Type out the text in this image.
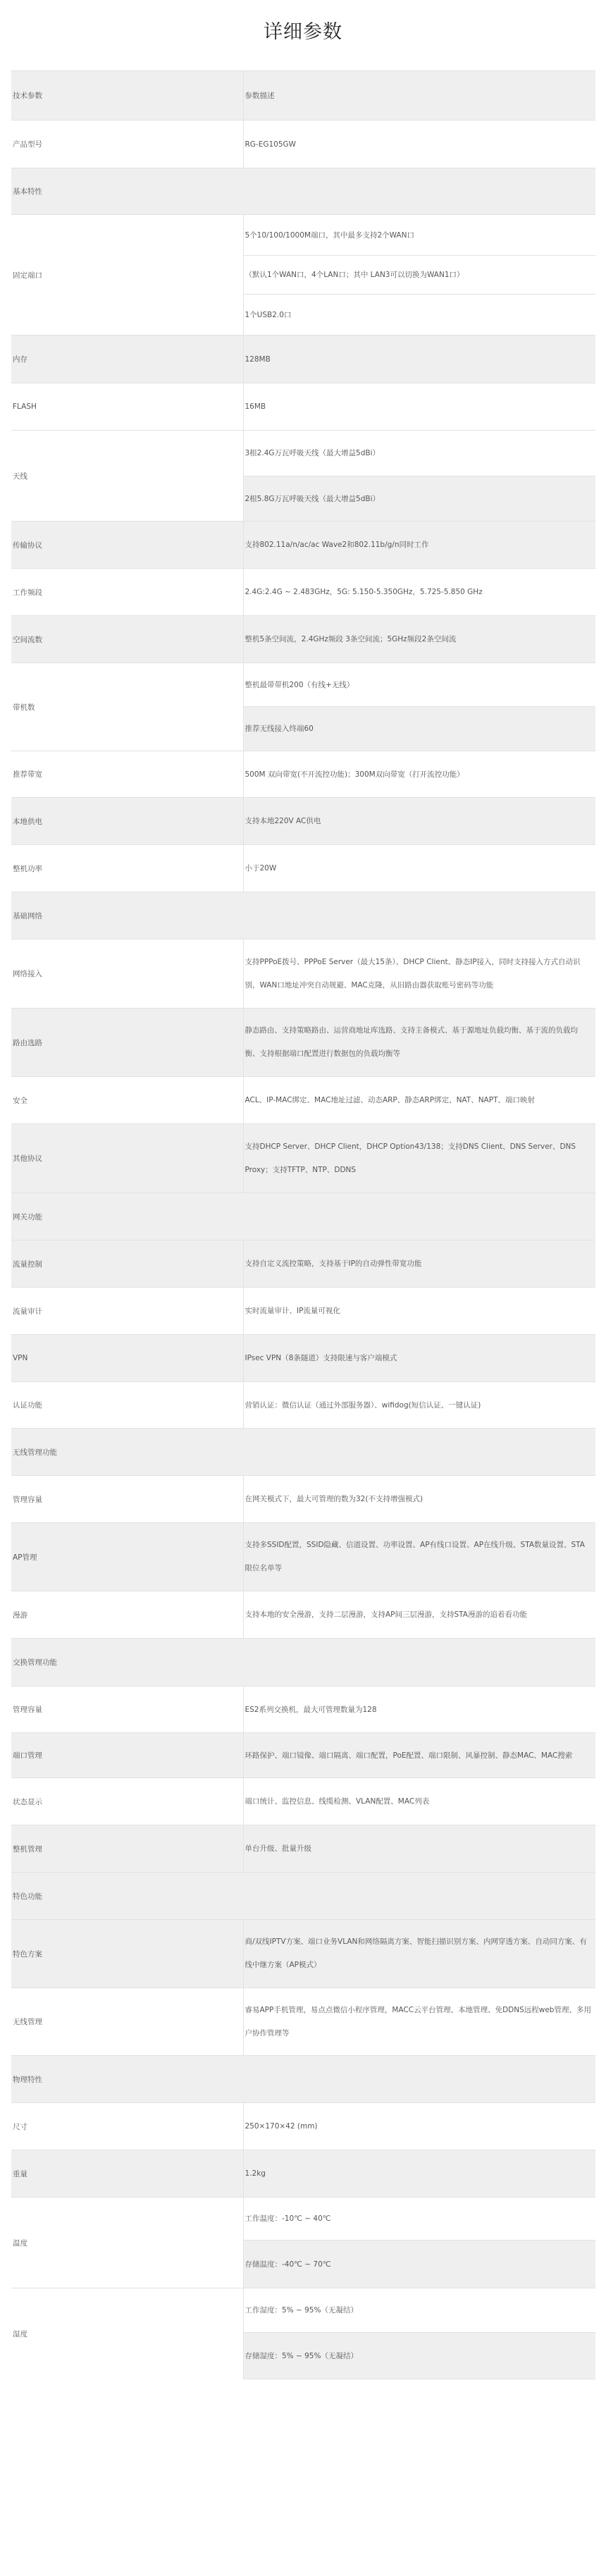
详细参数
技术参数	参数描述
产品型号	RG-EG105GW
基本特性	
固定端口	5个10/100/1000M端口，其中最多支持2个WAN口
	（默认1个WAN口，4个LAN口；其中 LAN3可以切换为WAN1口）
	1个USB2.0口
内存	128MB
FLASH	16MB
天线	3根2.4G万瓦呼吸天线（最大增益5dBi）
	2根5.8G万瓦呼吸天线（最大增益5dBi）
传输协议	支持802.11a/n/ac/ac Wave2和802.11b/g/n同时工作
工作频段	2.4G:2.4G ~ 2.483GHz，5G: 5.150-5.350GHz，5.725-5.850 GHz
空间流数	整机5条空间流，2.4GHz频段 3条空间流；5GHz频段2条空间流
带机数	整机最带带机200（有线+无线）
	推荐无线接入终端60
推荐带宽	500M 双向带宽(不开流控功能)；300M双向带宽（打开流控功能）
本地供电	支持本地220V AC供电
整机功率	小于20W
基础网络	
网络接入	支持PPPoE拨号、PPPoE Server（最大15条）、DHCP Client、静态IP接入，同时支持接入方式自动识别，WAN口地址冲突自动规避、MAC克隆，从旧路由器获取账号密码等功能
路由选路	静态路由、支持策略路由、运营商地址库选路、支持主备模式、基于源地址负载均衡、基于流的负载均衡、支持根据端口配置进行数据包的负载均衡等
安全	ACL、IP-MAC绑定、MAC地址过滤、动态ARP、静态ARP绑定、NAT、NAPT、端口映射
其他协议	支持DHCP Server、DHCP Client，DHCP Option43/138；支持DNS Client、DNS Server、DNS Proxy；支持TFTP、NTP、DDNS
网关功能	
流量控制	支持自定义流控策略，支持基于IP的自动弹性带宽功能
流量审计	实时流量审计、IP流量可视化
VPN	IPsec VPN（8条隧道）支持限速与客户端模式
认证功能	营销认证：微信认证（通过外部服务器）、wifidog(短信认证、一键认证)
无线管理功能	
管理容量	在网关模式下，最大可管理的数为32(不支持增强模式)
AP管理	支持多SSID配置，SSID隐藏、信道设置、功率设置、AP有线口设置、AP在线升级、STA数量设置、STA限位名单等
漫游	支持本地的安全漫游，支持二层漫游，支持AP间三层漫游，支持STA漫游的追着看功能
交换管理功能	
管理容量	ES2系列交换机，最大可管理数量为128
端口管理	环路保护、端口镜像、端口隔离、端口配置，PoE配置、端口限制、风暴控制、静态MAC、MAC搜索
状态显示	端口统计、监控信息、线缆检测、VLAN配置、MAC列表
整机管理	单台升级、批量升级
特色功能	
特色方案	商/双线IPTV方案、端口业务VLAN和网络隔离方案、智能扫描识别方案、内网穿透方案、自动同方案、有线中继方案（AP模式）
无线管理	睿易APP手机管理，易点点微信小程序管理，MACC云平台管理、本地管理、免DDNS远程web管理、多用户协作管理等
物理特性	
尺寸	250×170×42 (mm)
重量	1.2kg
温度	工作温度：-10℃ ~ 40℃
	存储温度：-40℃ ~ 70℃
湿度	工作湿度：5% ~ 95%（无凝结）
	存储湿度：5% ~ 95%（无凝结）
